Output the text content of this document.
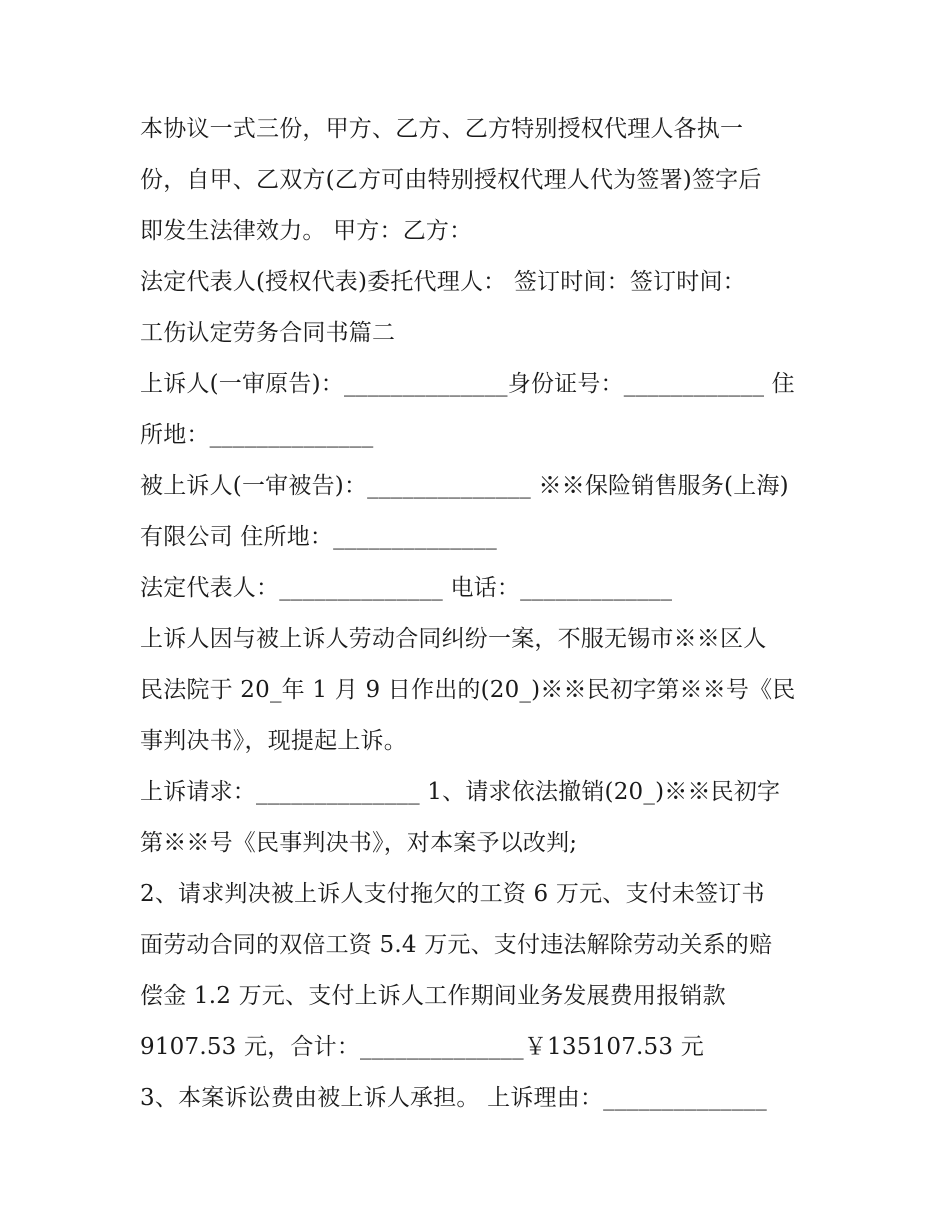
本协议一式三份，甲方、乙方、乙方特别授权代理人各执一
份，自甲、乙双方(乙方可由特别授权代理人代为签署)签字后
即发生法律效力。 甲方：乙方：
法定代表人(授权代表)委托代理人： 签订时间：签订时间：
工伤认定劳务合同书篇二
上诉人(一审原告)：______________身份证号：____________ 住
所地：______________
被上诉人(一审被告)：______________ ※※保险销售服务(上海)
有限公司 住所地：______________
法定代表人：______________ 电话：_____________
上诉人因与被上诉人劳动合同纠纷一案，不服无锡市※※区人
民法院于 20_年 1 月 9 日作出的(20_)※※民初字第※※号《民
事判决书》，现提起上诉。
上诉请求：______________ 1、请求依法撤销(20_)※※民初字
第※※号《民事判决书》，对本案予以改判;
2、请求判决被上诉人支付拖欠的工资 6 万元、支付未签订书
面劳动合同的双倍工资 5.4 万元、支付违法解除劳动关系的赔
偿金 1.2 万元、支付上诉人工作期间业务发展费用报销款
9107.53 元，合计：______________￥135107.53 元
3、本案诉讼费由被上诉人承担。 上诉理由：______________
